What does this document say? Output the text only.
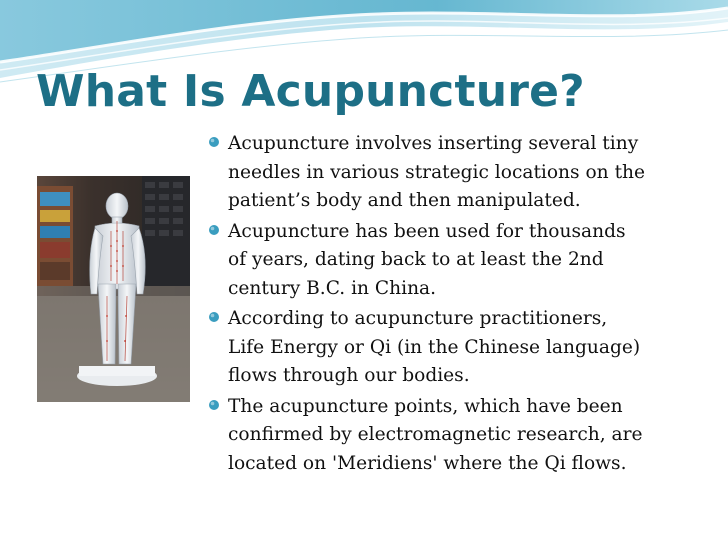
What Is Acupuncture?
Acupuncture involves inserting several tiny
needles in various strategic locations on the
patient’s body and then manipulated.
Acupuncture has been used for thousands
of years, dating back to at least the 2nd
century B.C. in China.
According to acupuncture practitioners,
Life Energy or Qi (in the Chinese language)
flows through our bodies.
The acupuncture points, which have been
confirmed by electromagnetic research, are
located on 'Meridiens' where the Qi flows.
